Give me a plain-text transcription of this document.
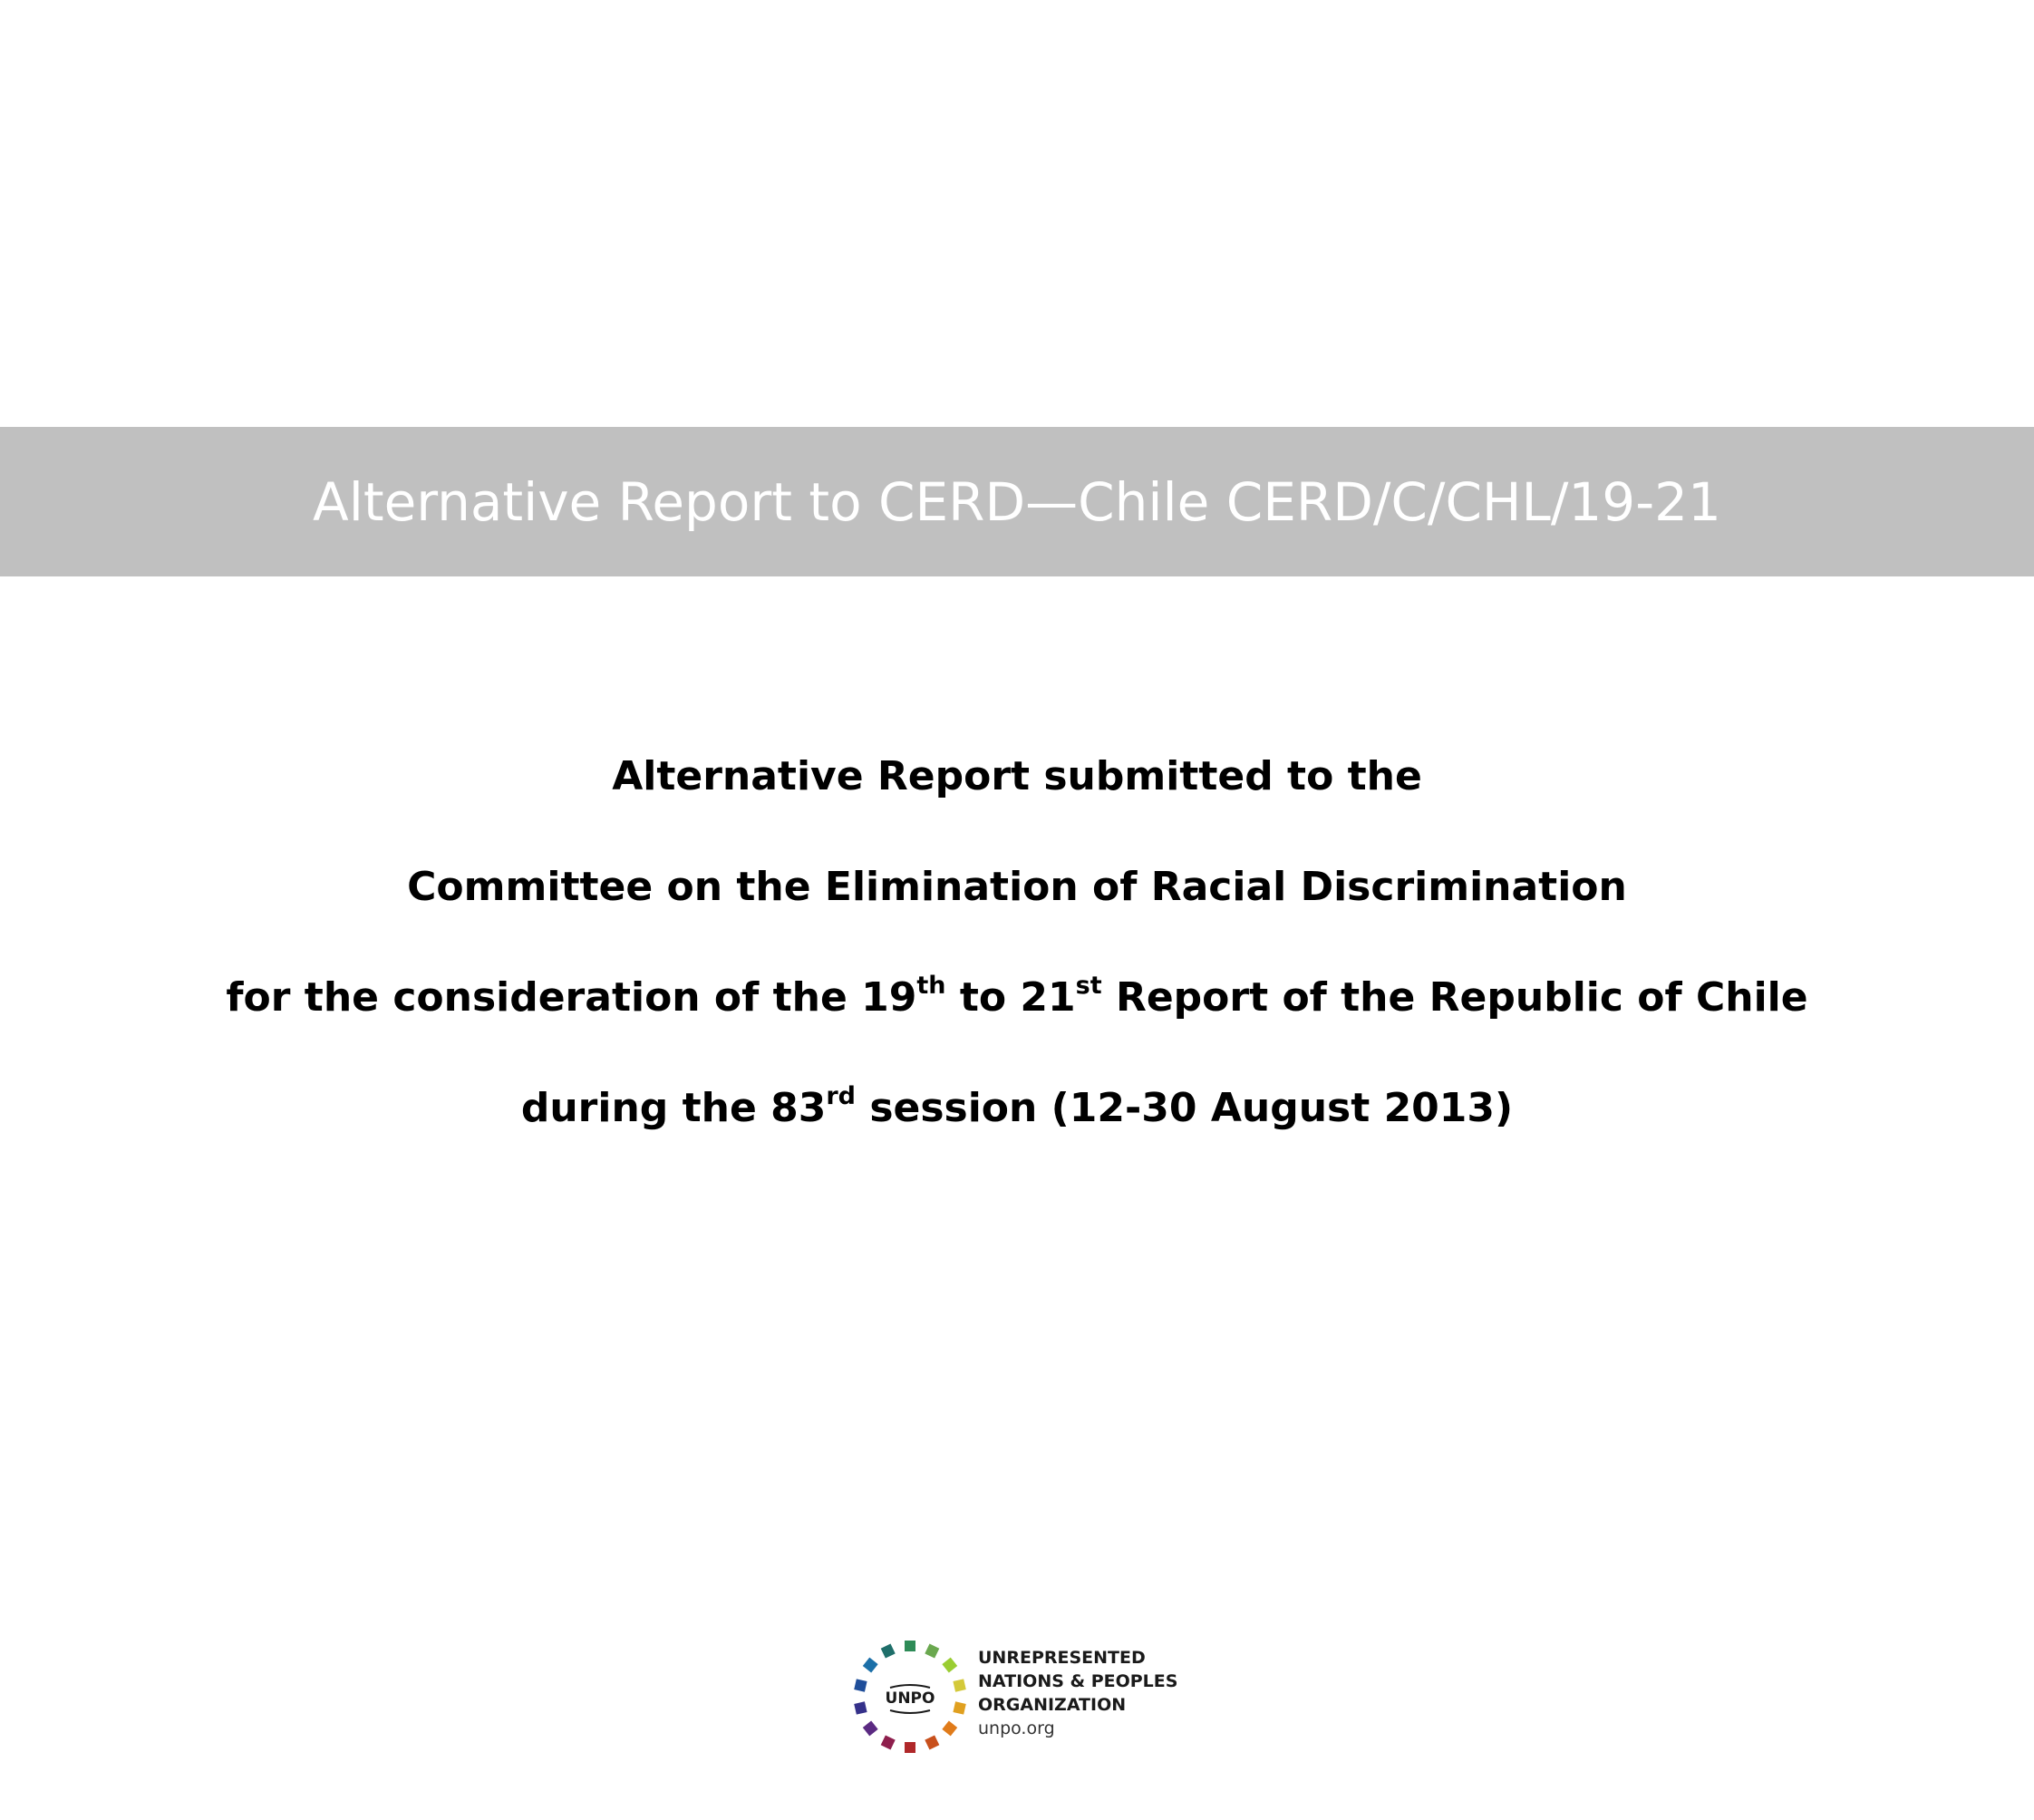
Alternative Report to CERD—Chile CERD/C/CHL/19-21
Alternative Report submitted to the
Committee on the Elimination of Racial Discrimination
for the consideration of the 19th to 21st Report of the Republic of Chile
during the 83rd session (12-30 August 2013)
UNPO
UNREPRESENTED
NATIONS & PEOPLES
ORGANIZATION
unpo.org
